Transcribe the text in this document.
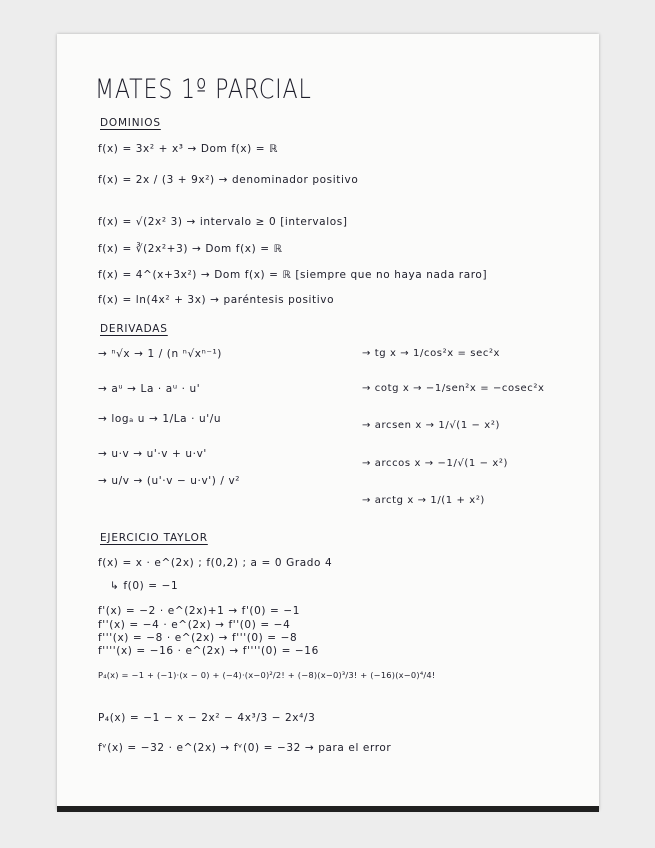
MATES 1º PARCIAL
DOMINIOS
f(x) = 3x² + x³ → Dom f(x) = ℝ
f(x) = 2x / (3 + 9x²) → denominador positivo
f(x) = √(2x² 3) → intervalo ≥ 0 [intervalos]
f(x) = ∛(2x²+3) → Dom f(x) = ℝ
f(x) = 4^(x+3x²) → Dom f(x) = ℝ [siempre que no haya nada raro]
f(x) = ln(4x² + 3x) → paréntesis positivo
DERIVADAS
→ ⁿ√x → 1 / (n ⁿ√xⁿ⁻¹)
→ aᵘ → La · aᵘ · u'
→ logₐ u → 1/La · u'/u
→ u·v → u'·v + u·v'
→ u/v → (u'·v − u·v') / v²
→ tg x → 1/cos²x = sec²x
→ cotg x → −1/sen²x = −cosec²x
→ arcsen x → 1/√(1 − x²)
→ arccos x → −1/√(1 − x²)
→ arctg x → 1/(1 + x²)
EJERCICIO TAYLOR
f(x) = x · e^(2x) ; f(0,2) ; a = 0 Grado 4
↳ f(0) = −1
f'(x) = −2 · e^(2x)+1 → f'(0) = −1
f''(x) = −4 · e^(2x) → f''(0) = −4
f'''(x) = −8 · e^(2x) → f'''(0) = −8
f''''(x) = −16 · e^(2x) → f''''(0) = −16
P₄(x) = −1 + (−1)·(x − 0) + (−4)·(x−0)²/2! + (−8)(x−0)³/3! + (−16)(x−0)⁴/4!
P₄(x) = −1 − x − 2x² − 4x³/3 − 2x⁴/3
fᵛ(x) = −32 · e^(2x) → fᵛ(0) = −32 → para el error
